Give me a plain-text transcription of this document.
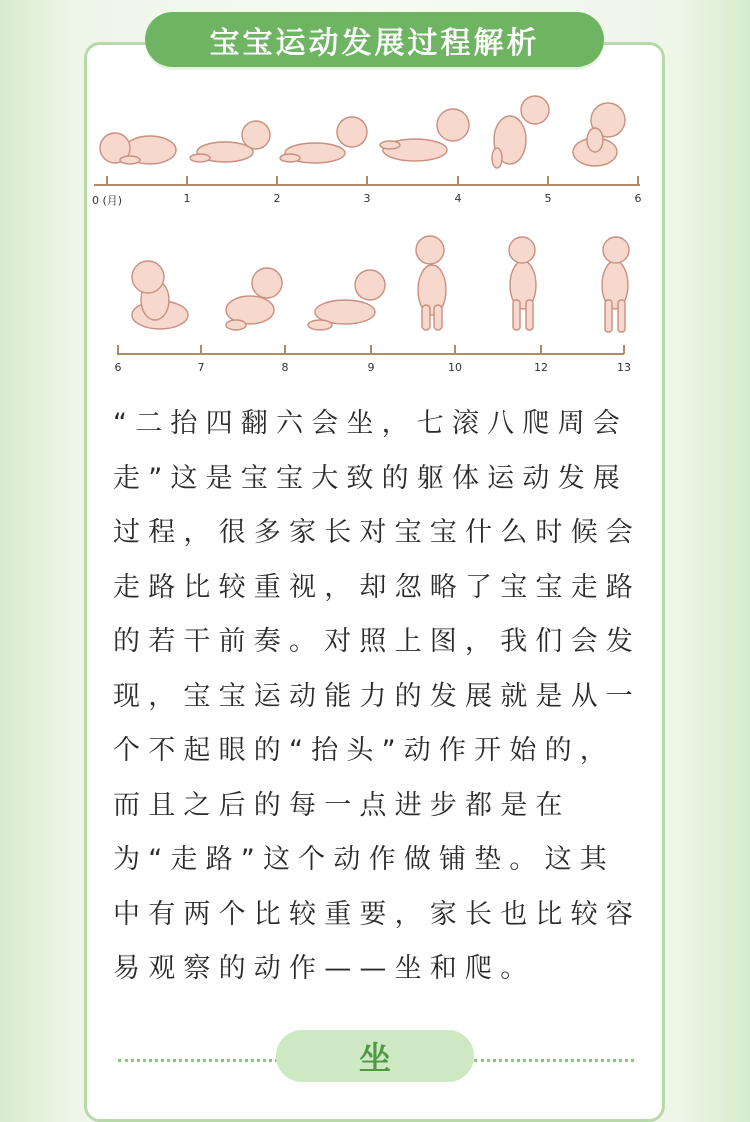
宝宝运动发展过程解析
0 (月)	1	2	3	4	5	6
6	7	8	9	10	12	13
“二抬四翻六会坐，七滚八爬周会走”这是宝宝大致的躯体运动发展过程，很多家长对宝宝什么时候会走路比较重视，却忽略了宝宝走路的若干前奏。对照上图，我们会发现，宝宝运动能力的发展就是从一个不起眼的“抬头”动作开始的，而且之后的每一点进步都是在为“走路”这个动作做铺垫。这其中有两个比较重要，家长也比较容易观察的动作——坐和爬。
坐
